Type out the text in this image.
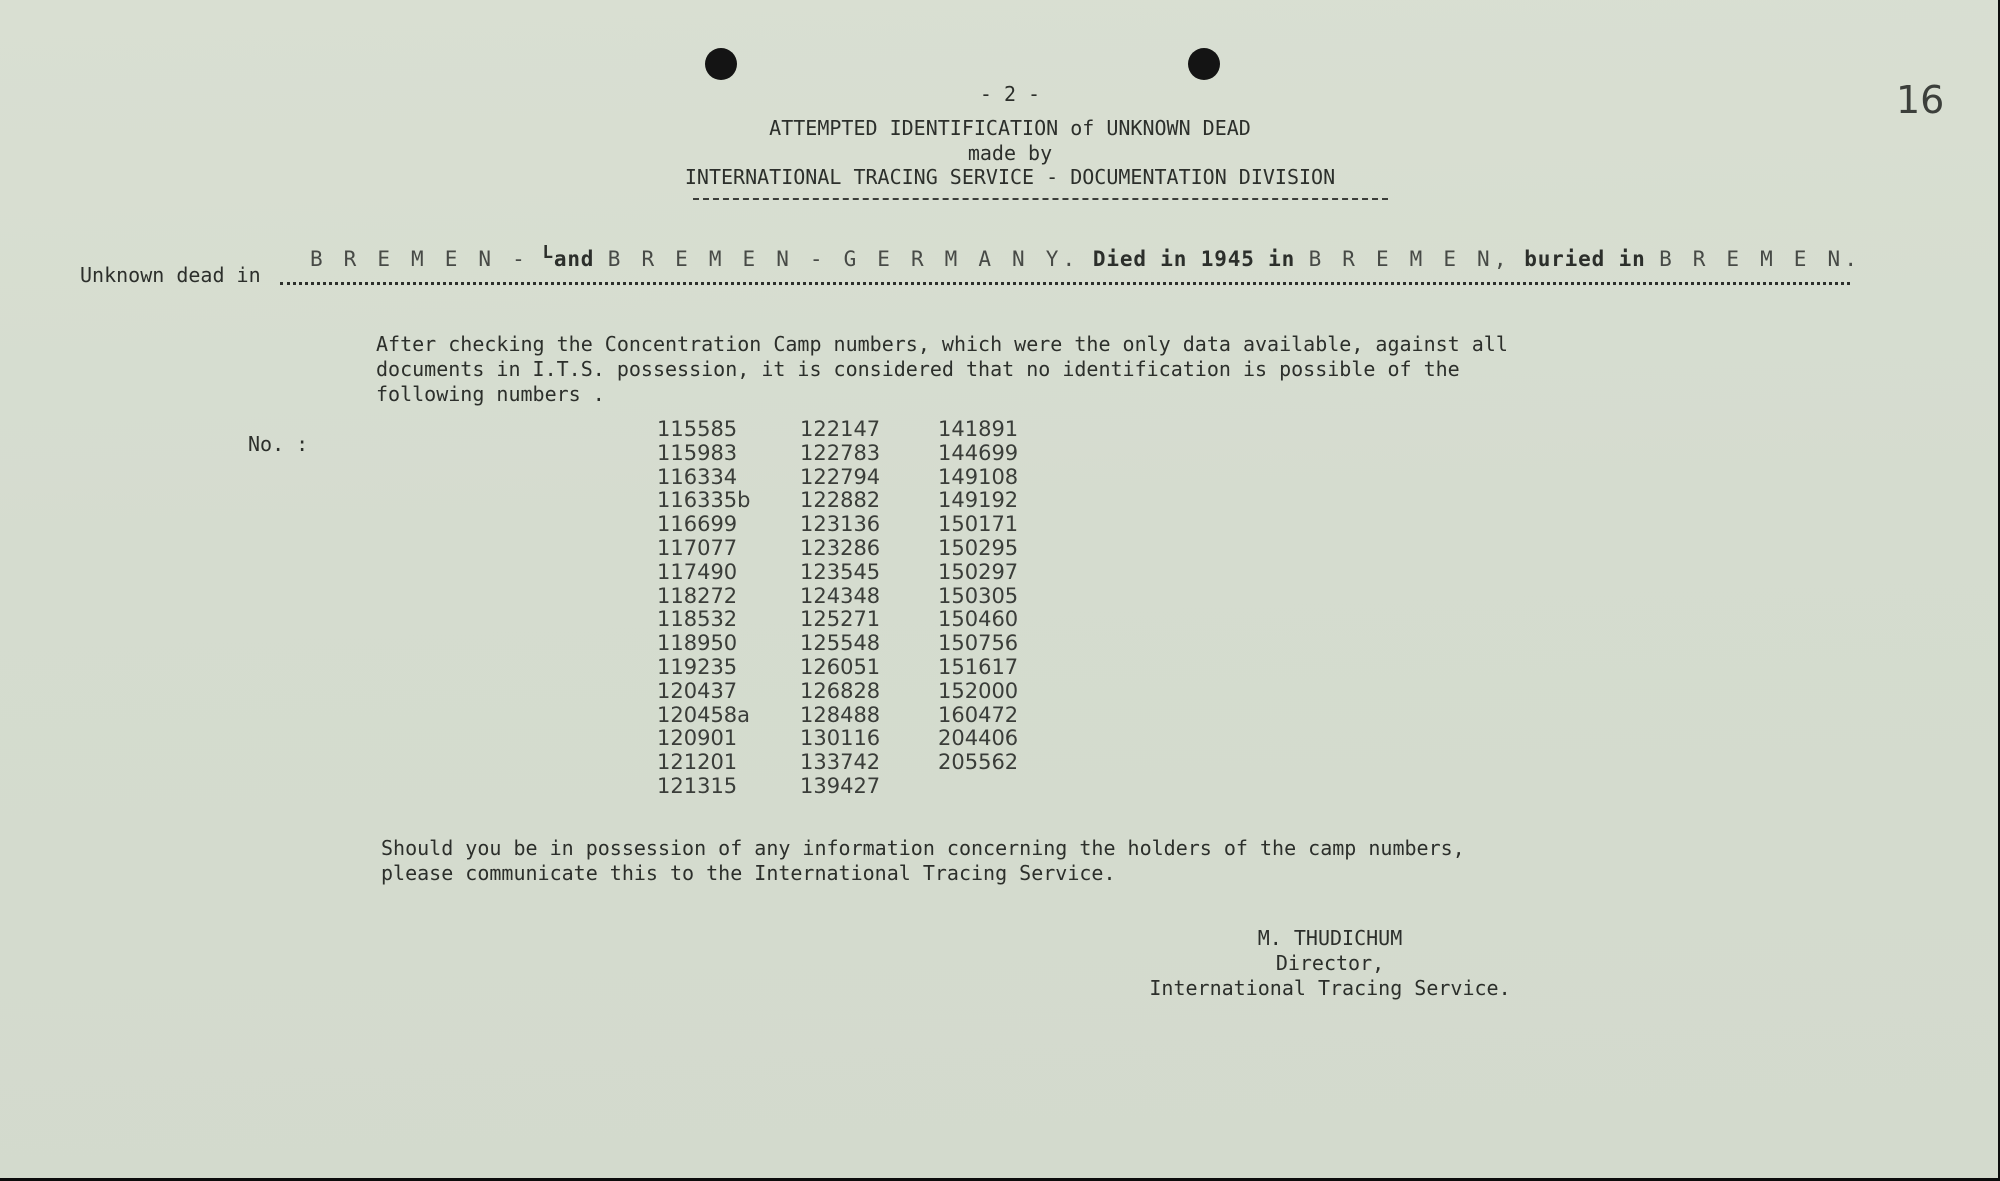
- 2 -	16
ATTEMPTED IDENTIFICATION of UNKNOWN DEAD
made by
INTERNATIONAL TRACING SERVICE - DOCUMENTATION DIVISION
Unknown dead in
B R E M E N - $^L$and B R E M E N - G E R M A N Y. Died in 1945 in B R E M E N, buried in B R E M E N.
After checking the Concentration Camp numbers, which were the only data available, against all
documents in I.T.S. possession, it is considered that no identification is possible of the
following numbers .
No. :
115585
115983
116334
116335b
116699
117077
117490
118272
118532
118950
119235
120437
120458a
120901
121201
121315
122147
122783
122794
122882
123136
123286
123545
124348
125271
125548
126051
126828
128488
130116
133742
139427
141891
144699
149108
149192
150171
150295
150297
150305
150460
150756
151617
152000
160472
204406
205562
Should you be in possession of any information concerning the holders of the camp numbers,
please communicate this to the International Tracing Service.
M. THUDICHUM
Director,
International Tracing Service.
